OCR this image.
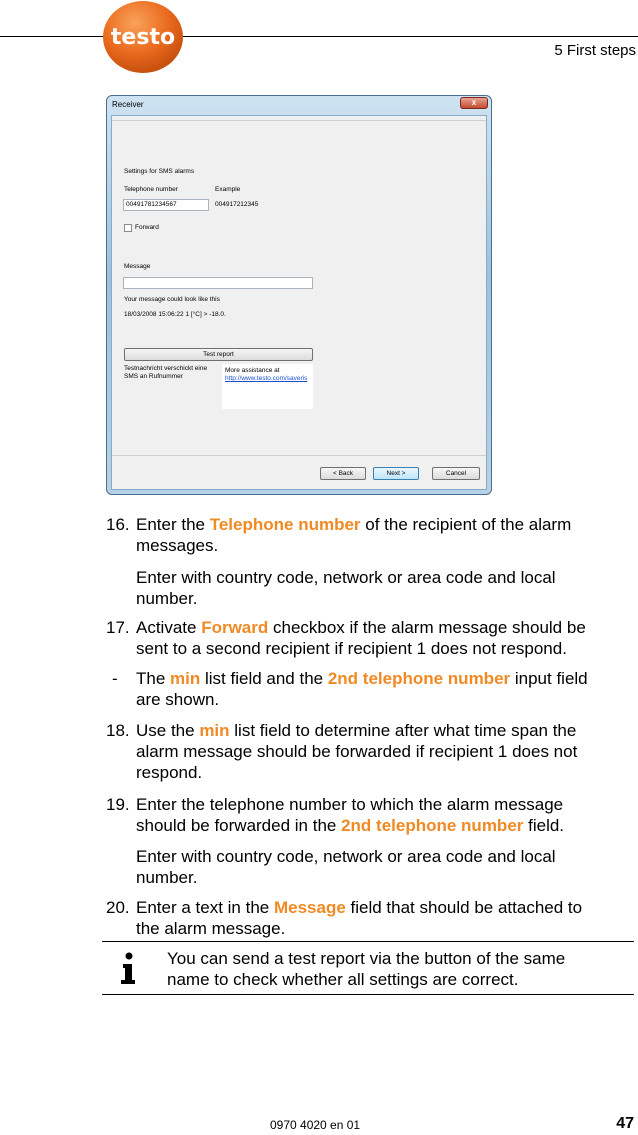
testo
5 First steps
Receiver	x
Settings for SMS alarms
Telephone number	Example
00491781234567	004917212345
Forward
Message
Your message could look like this
18/03/2008 15:06:22 1 [°C] > -18.0.
Test report
Testnachricht verschickt eine SMS an Rufnummer
More assistance at
http://www.testo.com/saveris
< Back	Next >	Cancel
16. Enter the Telephone number of the recipient of the alarm
messages.
Enter with country code, network or area code and local
number.
17. Activate Forward checkbox if the alarm message should be
sent to a second recipient if recipient 1 does not respond.
- The min list field and the 2nd telephone number input field
are shown.
18. Use the min list field to determine after what time span the
alarm message should be forwarded if recipient 1 does not
respond.
19. Enter the telephone number to which the alarm message
should be forwarded in the 2nd telephone number field.
Enter with country code, network or area code and local
number.
20. Enter a text in the Message field that should be attached to
the alarm message.
You can send a test report via the button of the same
name to check whether all settings are correct.
0970 4020 en 01	47
